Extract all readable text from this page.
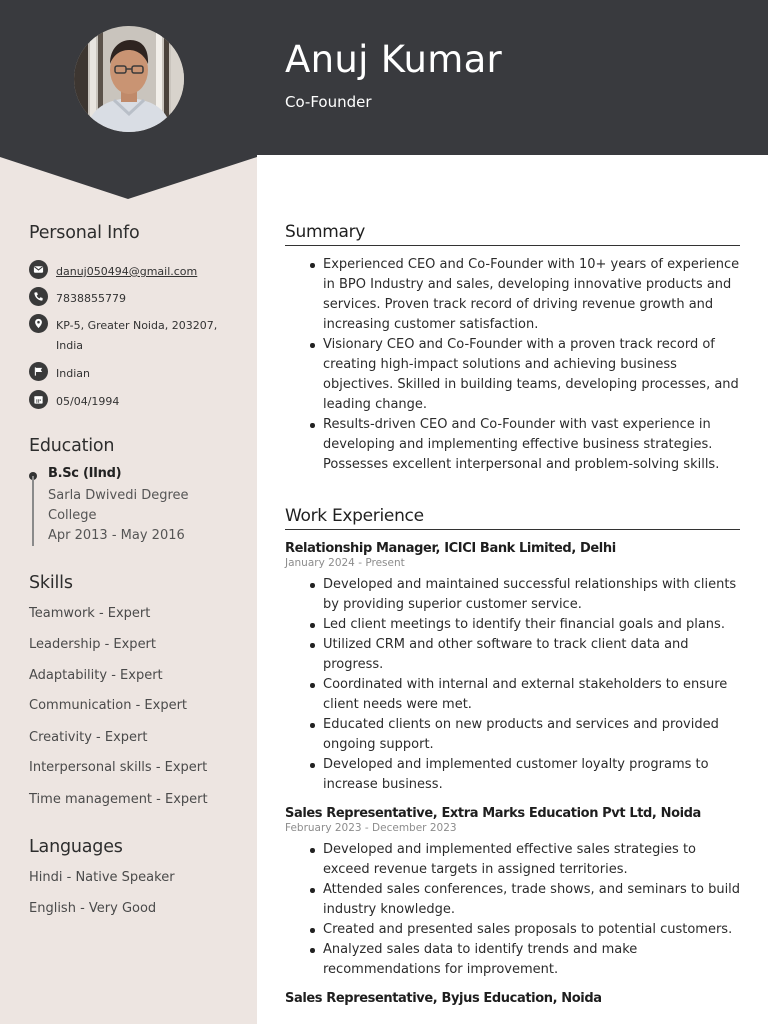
Anuj Kumar
Co-Founder
Personal Info
danuj050494@gmail.com
7838855779
KP-5, Greater Noida, 203207, India
Indian
05/04/1994
Education
B.Sc (IInd)
Sarla Dwivedi Degree College
Apr 2013 - May 2016
Skills
Teamwork - Expert
Leadership - Expert
Adaptability - Expert
Communication - Expert
Creativity - Expert
Interpersonal skills - Expert
Time management - Expert
Languages
Hindi - Native Speaker
English - Very Good
Summary
Experienced CEO and Co-Founder with 10+ years of experience in BPO Industry and sales, developing innovative products and services. Proven track record of driving revenue growth and increasing customer satisfaction.
Visionary CEO and Co-Founder with a proven track record of creating high-impact solutions and achieving business objectives. Skilled in building teams, developing processes, and leading change.
Results-driven CEO and Co-Founder with vast experience in developing and implementing effective business strategies. Possesses excellent interpersonal and problem-solving skills.
Work Experience
Relationship Manager, ICICI Bank Limited, Delhi
January 2024 - Present
Developed and maintained successful relationships with clients by providing superior customer service.
Led client meetings to identify their financial goals and plans.
Utilized CRM and other software to track client data and progress.
Coordinated with internal and external stakeholders to ensure client needs were met.
Educated clients on new products and services and provided ongoing support.
Developed and implemented customer loyalty programs to increase business.
Sales Representative, Extra Marks Education Pvt Ltd, Noida
February 2023 - December 2023
Developed and implemented effective sales strategies to exceed revenue targets in assigned territories.
Attended sales conferences, trade shows, and seminars to build industry knowledge.
Created and presented sales proposals to potential customers.
Analyzed sales data to identify trends and make recommendations for improvement.
Sales Representative, Byjus Education, Noida
